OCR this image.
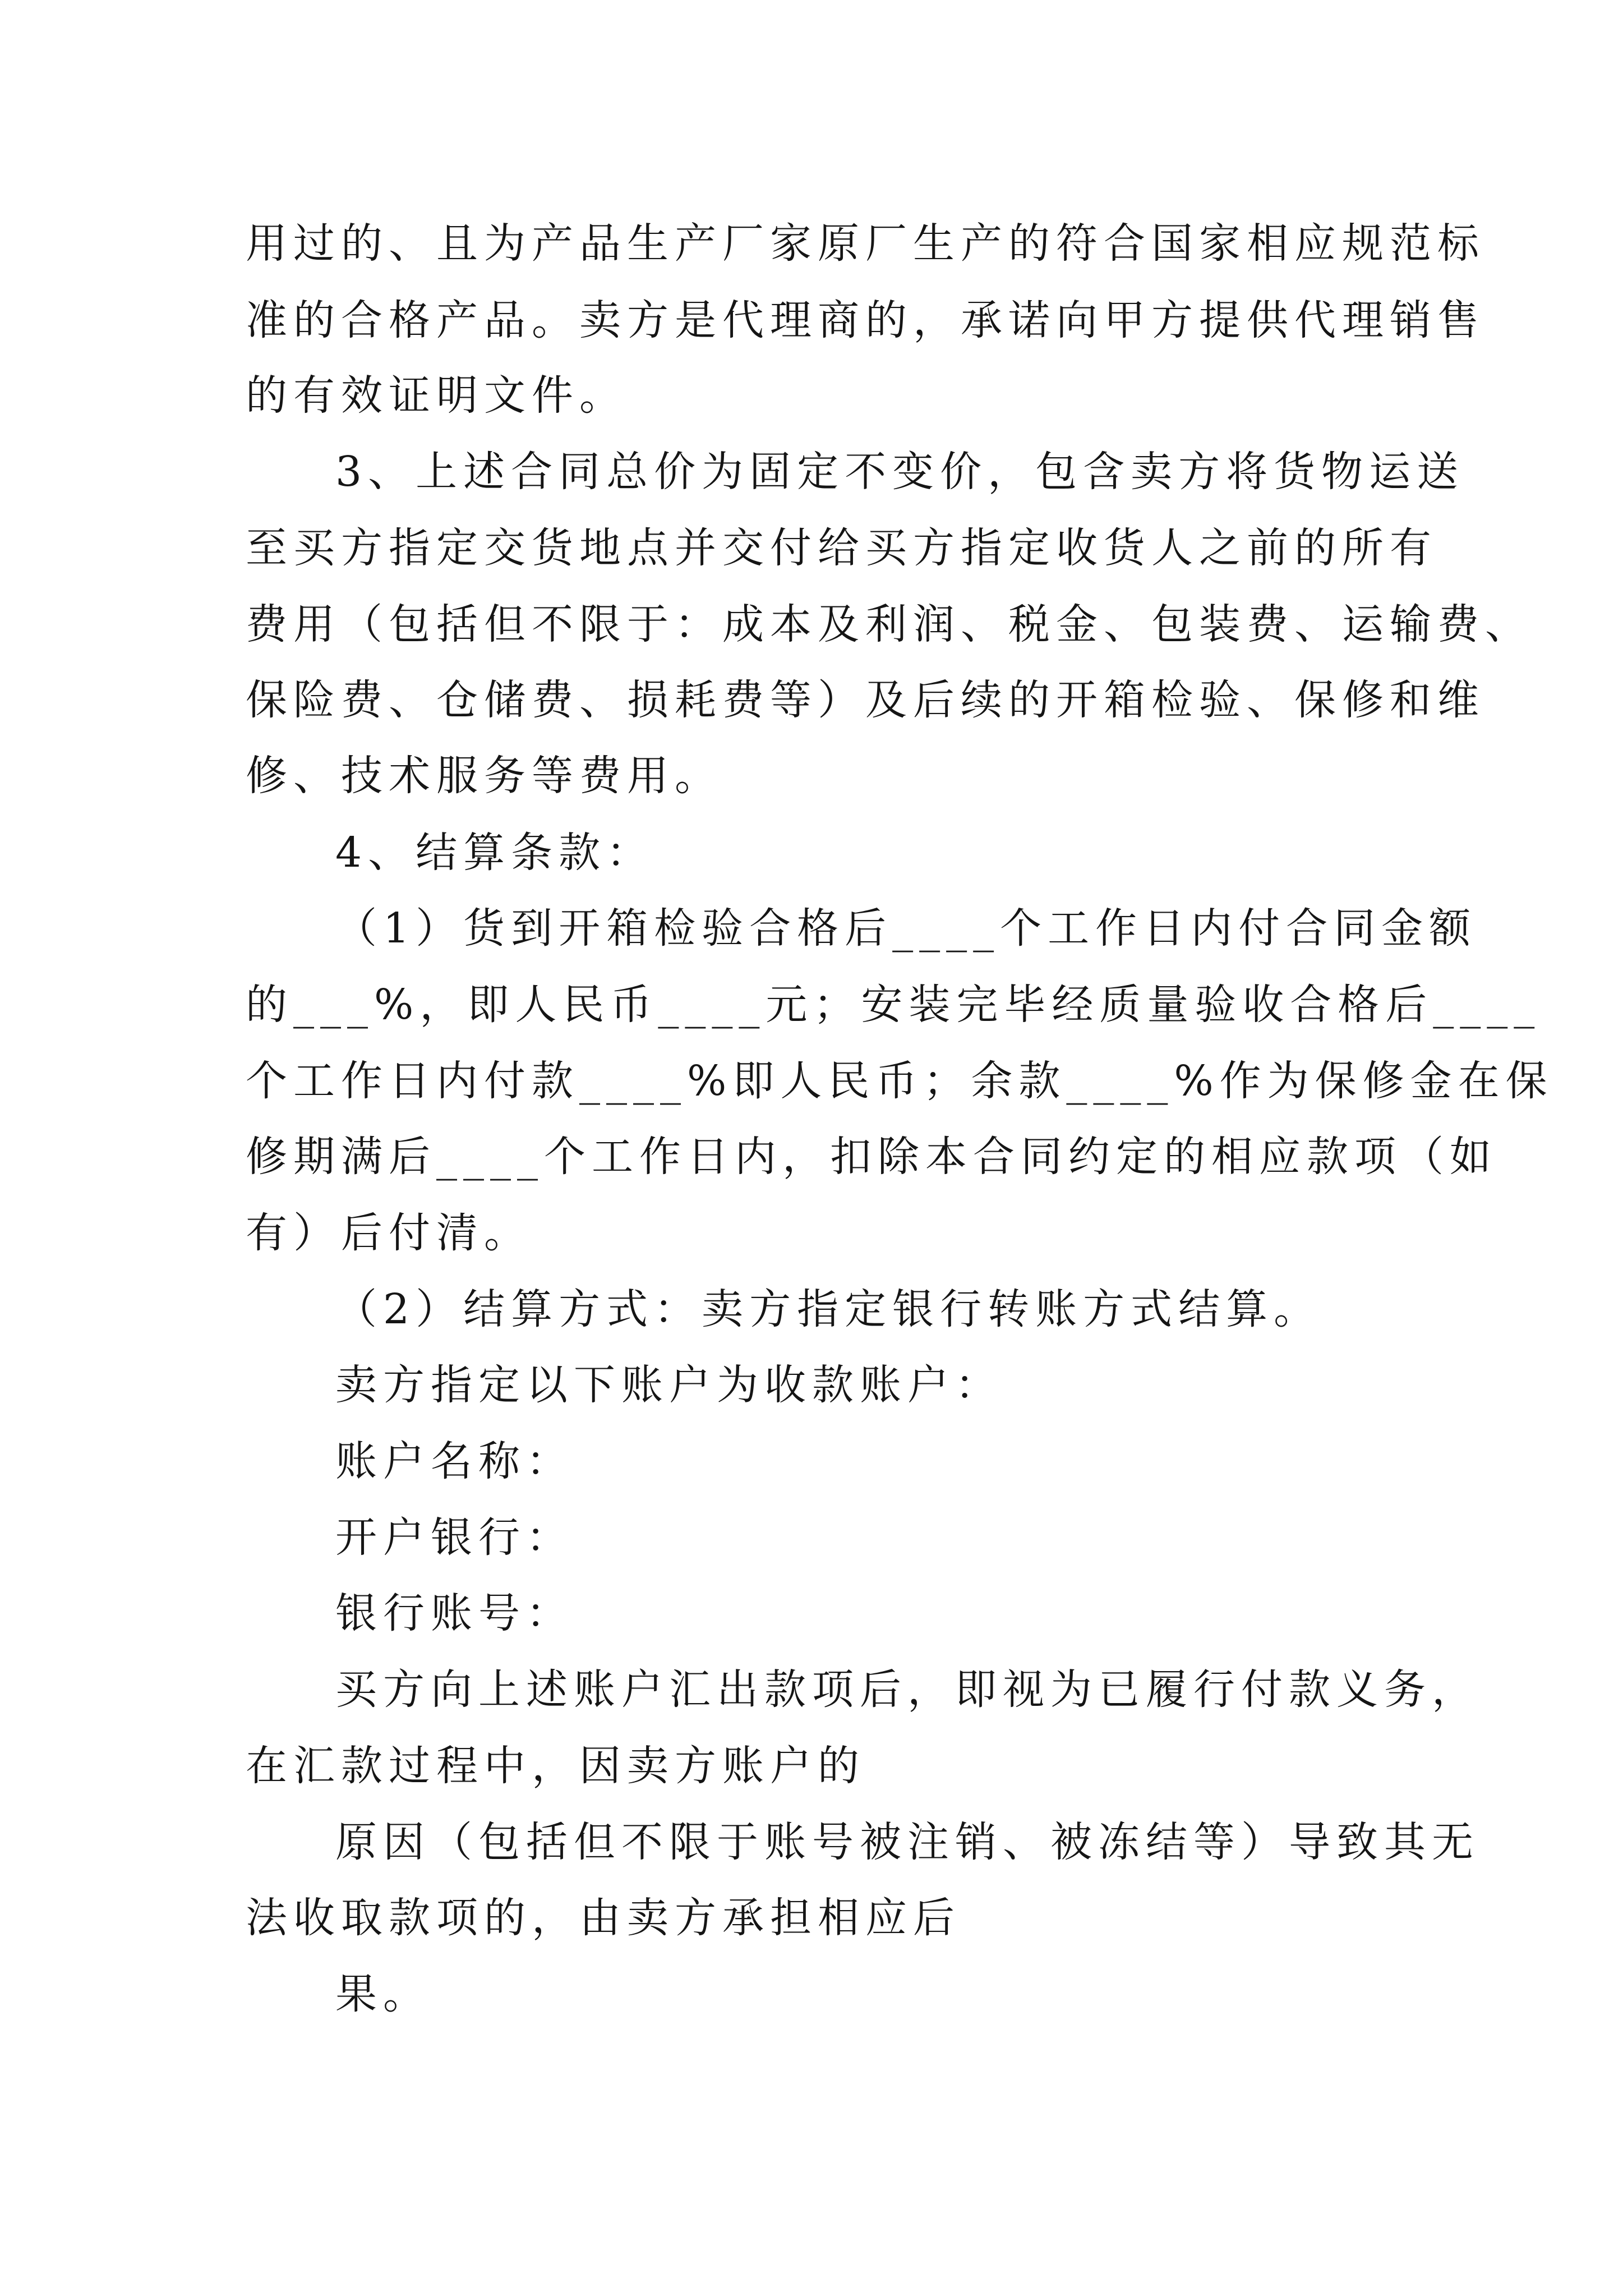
用过的、且为产品生产厂家原厂生产的符合国家相应规范标
准的合格产品。卖方是代理商的，承诺向甲方提供代理销售
的有效证明文件。
3、上述合同总价为固定不变价，包含卖方将货物运送
至买方指定交货地点并交付给买方指定收货人之前的所有
费用（包括但不限于：成本及利润、税金、包装费、运输费、
保险费、仓储费、损耗费等）及后续的开箱检验、保修和维
修、技术服务等费用。
4、结算条款：
（1）货到开箱检验合格后____个工作日内付合同金额
的___%，即人民币____元；安装完毕经质量验收合格后____
个工作日内付款____%即人民币；余款____%作为保修金在保
修期满后____个工作日内，扣除本合同约定的相应款项（如
有）后付清。
（2）结算方式：卖方指定银行转账方式结算。
卖方指定以下账户为收款账户：
账户名称：
开户银行：
银行账号：
买方向上述账户汇出款项后，即视为已履行付款义务，
在汇款过程中，因卖方账户的
原因（包括但不限于账号被注销、被冻结等）导致其无
法收取款项的，由卖方承担相应后
果。
